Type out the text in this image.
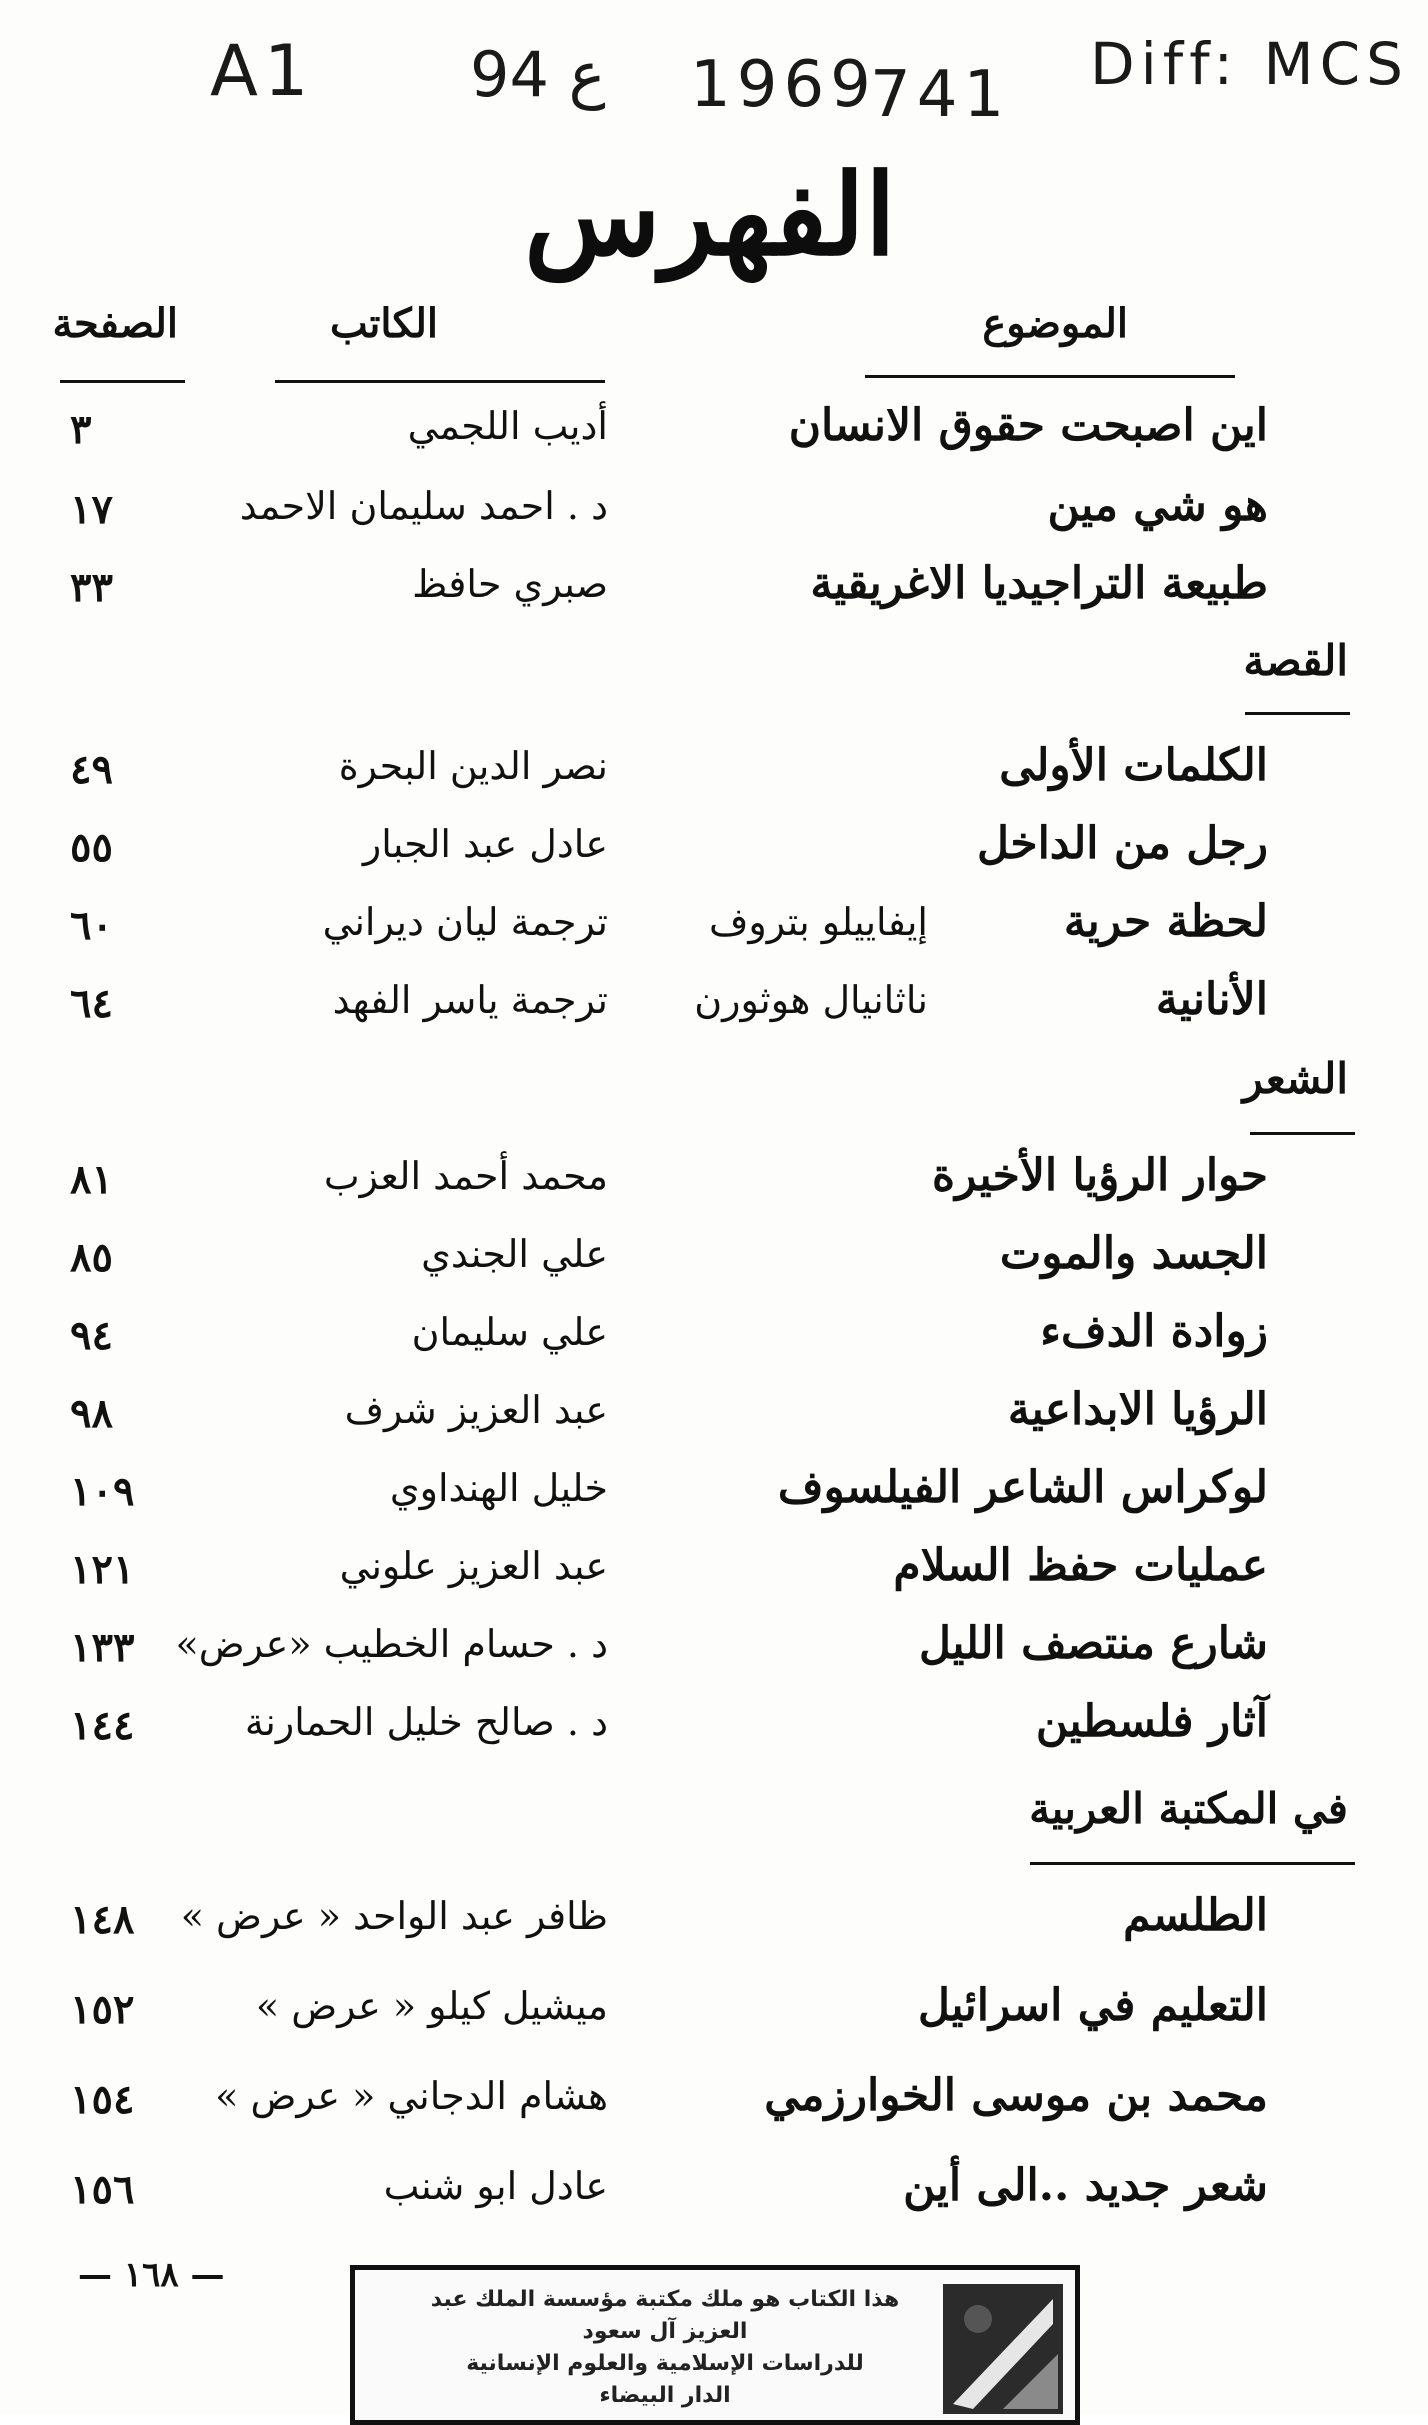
A1	94 ع 1969
741 Diff: MCS
الفهرس
الموضوع
الكاتب
الصفحة
اين اصبحت حقوق الانسان
أديب اللجمي
٣
هو شي مين
د . احمد سليمان الاحمد
١٧
طبيعة التراجيديا الاغريقية
صبري حافظ
٣٣
القصة
الكلمات الأولى
نصر الدين البحرة
٤٩
رجل من الداخل
عادل عبد الجبار
٥٥
لحظة حرية
إيفاييلو بتروف
ترجمة ليان ديراني
٦٠
الأنانية
ناثانيال هوثورن
ترجمة ياسر الفهد
٦٤
الشعر
حوار الرؤيا الأخيرة
محمد أحمد العزب
٨١
الجسد والموت
علي الجندي
٨٥
زوادة الدفء
علي سليمان
٩٤
الرؤيا الابداعية
عبد العزيز شرف
٩٨
لوكراس الشاعر الفيلسوف
خليل الهنداوي
١٠٩
عمليات حفظ السلام
عبد العزيز علوني
١٢١
شارع منتصف الليل
د . حسام الخطيب «عرض»
١٣٣
آثار فلسطين
د . صالح خليل الحمارنة
١٤٤
في المكتبة العربية
الطلسم
ظافر عبد الواحد « عرض »
١٤٨
التعليم في اسرائيل
ميشيل كيلو « عرض »
١٥٢
محمد بن موسى الخوارزمي
هشام الدجاني « عرض »
١٥٤
شعر جديد ..الى أين
عادل ابو شنب
١٥٦
— ١٦٨ —
هذا الكتاب هو ملك مكتبة مؤسسة الملك عبد العزيز آل سعود
للدراسات الإسلامية والعلوم الإنسانية
الدار البيضاء
